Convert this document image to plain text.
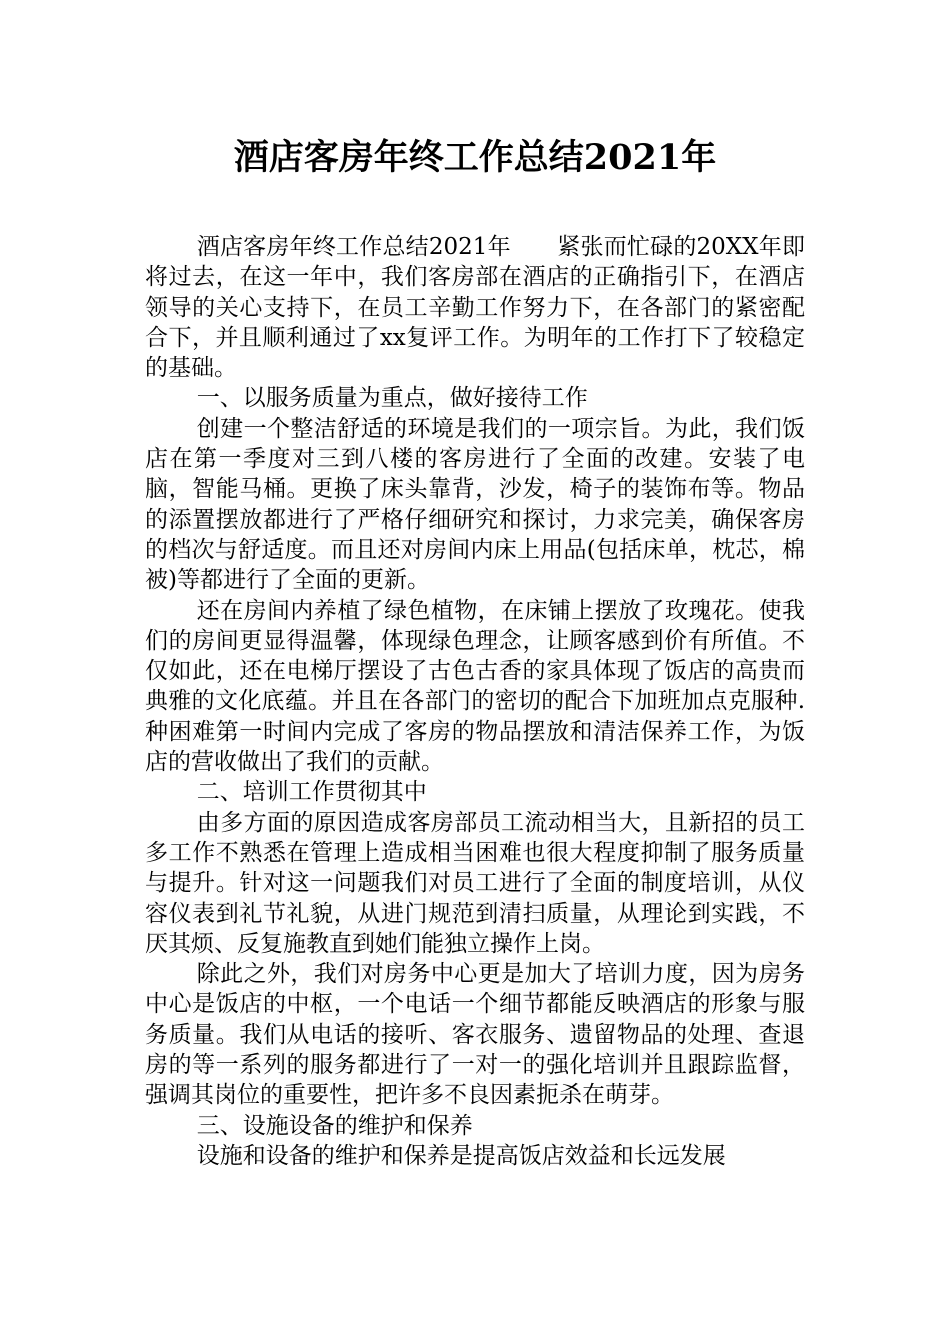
酒店客房年终工作总结2021年

酒店客房年终工作总结2021年　　紧张而忙碌的20XX年即将过去，在这一年中，我们客房部在酒店的正确指引下，在酒店领导的关心支持下，在员工辛勤工作努力下，在各部门的紧密配合下，并且顺利通过了xx复评工作。为明年的工作打下了较稳定的基础。

一、以服务质量为重点，做好接待工作

创建一个整洁舒适的环境是我们的一项宗旨。为此，我们饭店在第一季度对三到八楼的客房进行了全面的改建。安装了电脑，智能马桶。更换了床头靠背，沙发，椅子的装饰布等。物品的添置摆放都进行了严格仔细研究和探讨，力求完美，确保客房的档次与舒适度。而且还对房间内床上用品(包括床单，枕芯，棉被)等都进行了全面的更新。

还在房间内养植了绿色植物，在床铺上摆放了玫瑰花。使我们的房间更显得温馨，体现绿色理念，让顾客感到价有所值。不仅如此，还在电梯厅摆设了古色古香的家具体现了饭店的高贵而典雅的文化底蕴。并且在各部门的密切的配合下加班加点克服种.种困难第一时间内完成了客房的物品摆放和清洁保养工作，为饭店的营收做出了我们的贡献。

二、培训工作贯彻其中

由多方面的原因造成客房部员工流动相当大，且新招的员工多工作不熟悉在管理上造成相当困难也很大程度抑制了服务质量与提升。针对这一问题我们对员工进行了全面的制度培训，从仪容仪表到礼节礼貌，从进门规范到清扫质量，从理论到实践，不厌其烦、反复施教直到她们能独立操作上岗。

除此之外，我们对房务中心更是加大了培训力度，因为房务中心是饭店的中枢，一个电话一个细节都能反映酒店的形象与服务质量。我们从电话的接听、客衣服务、遗留物品的处理、查退房的等一系列的服务都进行了一对一的强化培训并且跟踪监督，强调其岗位的重要性，把许多不良因素扼杀在萌芽。

三、设施设备的维护和保养

设施和设备的维护和保养是提高饭店效益和长远发展
